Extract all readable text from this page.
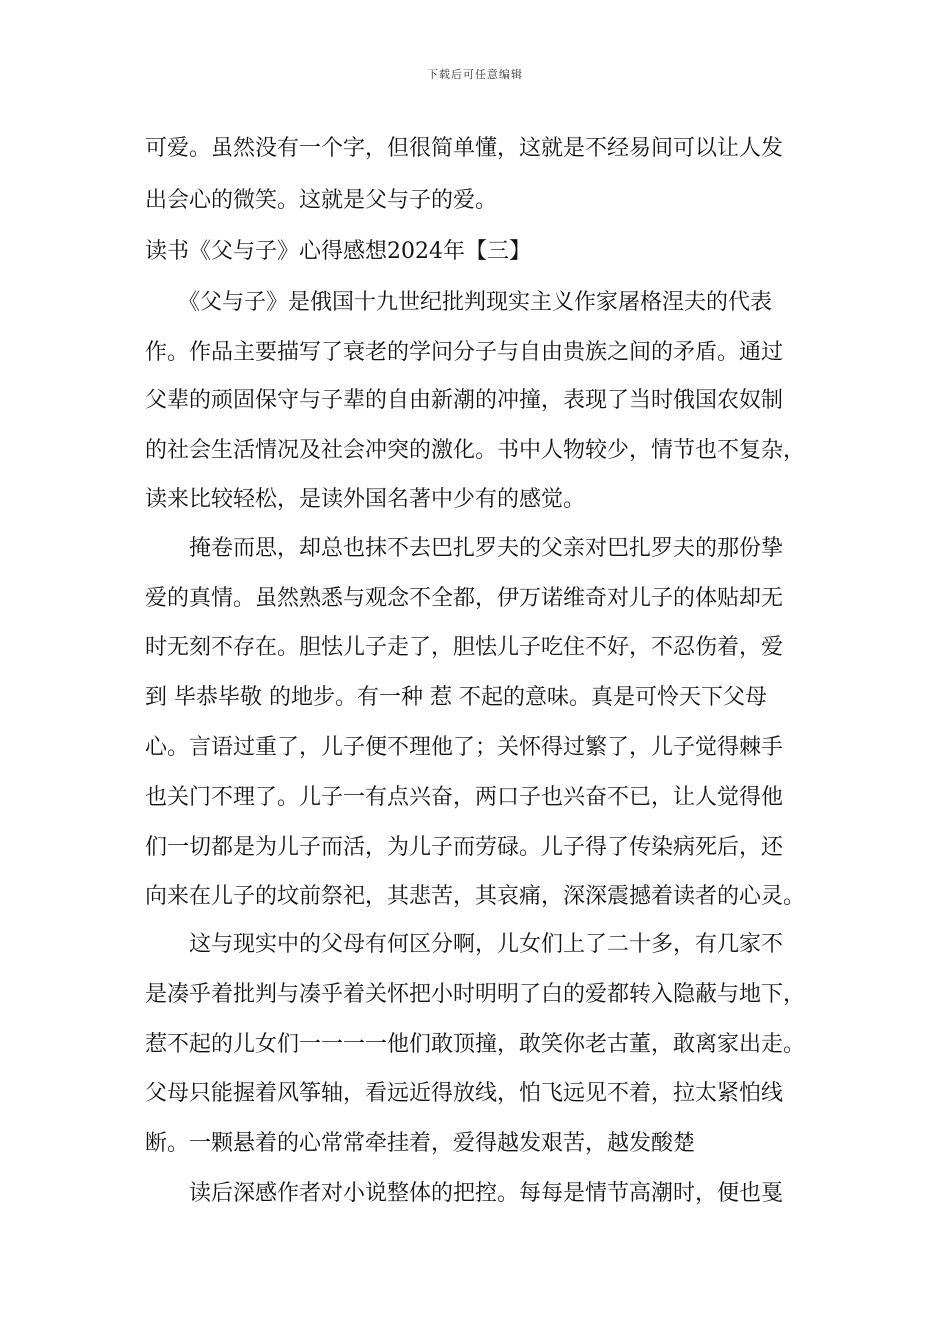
下载后可任意编辑
可爱。虽然没有一个字，但很简单懂，这就是不经易间可以让人发
出会心的微笑。这就是父与子的爱。
读书《父与子》心得感想2024年【三】
　　《父与子》是俄国十九世纪批判现实主义作家屠格涅夫的代表
作。作品主要描写了衰老的学问分子与自由贵族之间的矛盾。通过
父辈的顽固保守与子辈的自由新潮的冲撞，表现了当时俄国农奴制
的社会生活情况及社会冲突的激化。书中人物较少，情节也不复杂，
读来比较轻松，是读外国名著中少有的感觉。
　　掩卷而思，却总也抹不去巴扎罗夫的父亲对巴扎罗夫的那份挚
爱的真情。虽然熟悉与观念不全都，伊万诺维奇对儿子的体贴却无
时无刻不存在。胆怯儿子走了，胆怯儿子吃住不好，不忍伤着，爱
到 毕恭毕敬 的地步。有一种 惹 不起的意味。真是可怜天下父母
心。言语过重了，儿子便不理他了；关怀得过繁了，儿子觉得棘手
也关门不理了。儿子一有点兴奋，两口子也兴奋不已，让人觉得他
们一切都是为儿子而活，为儿子而劳碌。儿子得了传染病死后，还
向来在儿子的坟前祭祀，其悲苦，其哀痛，深深震撼着读者的心灵。
　　这与现实中的父母有何区分啊，儿女们上了二十多，有几家不
是凑乎着批判与凑乎着关怀把小时明明了白的爱都转入隐蔽与地下，
惹不起的儿女们一一一一他们敢顶撞，敢笑你老古董，敢离家出走。
父母只能握着风筝轴，看远近得放线，怕飞远见不着，拉太紧怕线
断。一颗悬着的心常常牵挂着，爱得越发艰苦，越发酸楚
　　读后深感作者对小说整体的把控。每每是情节高潮时，便也戛
